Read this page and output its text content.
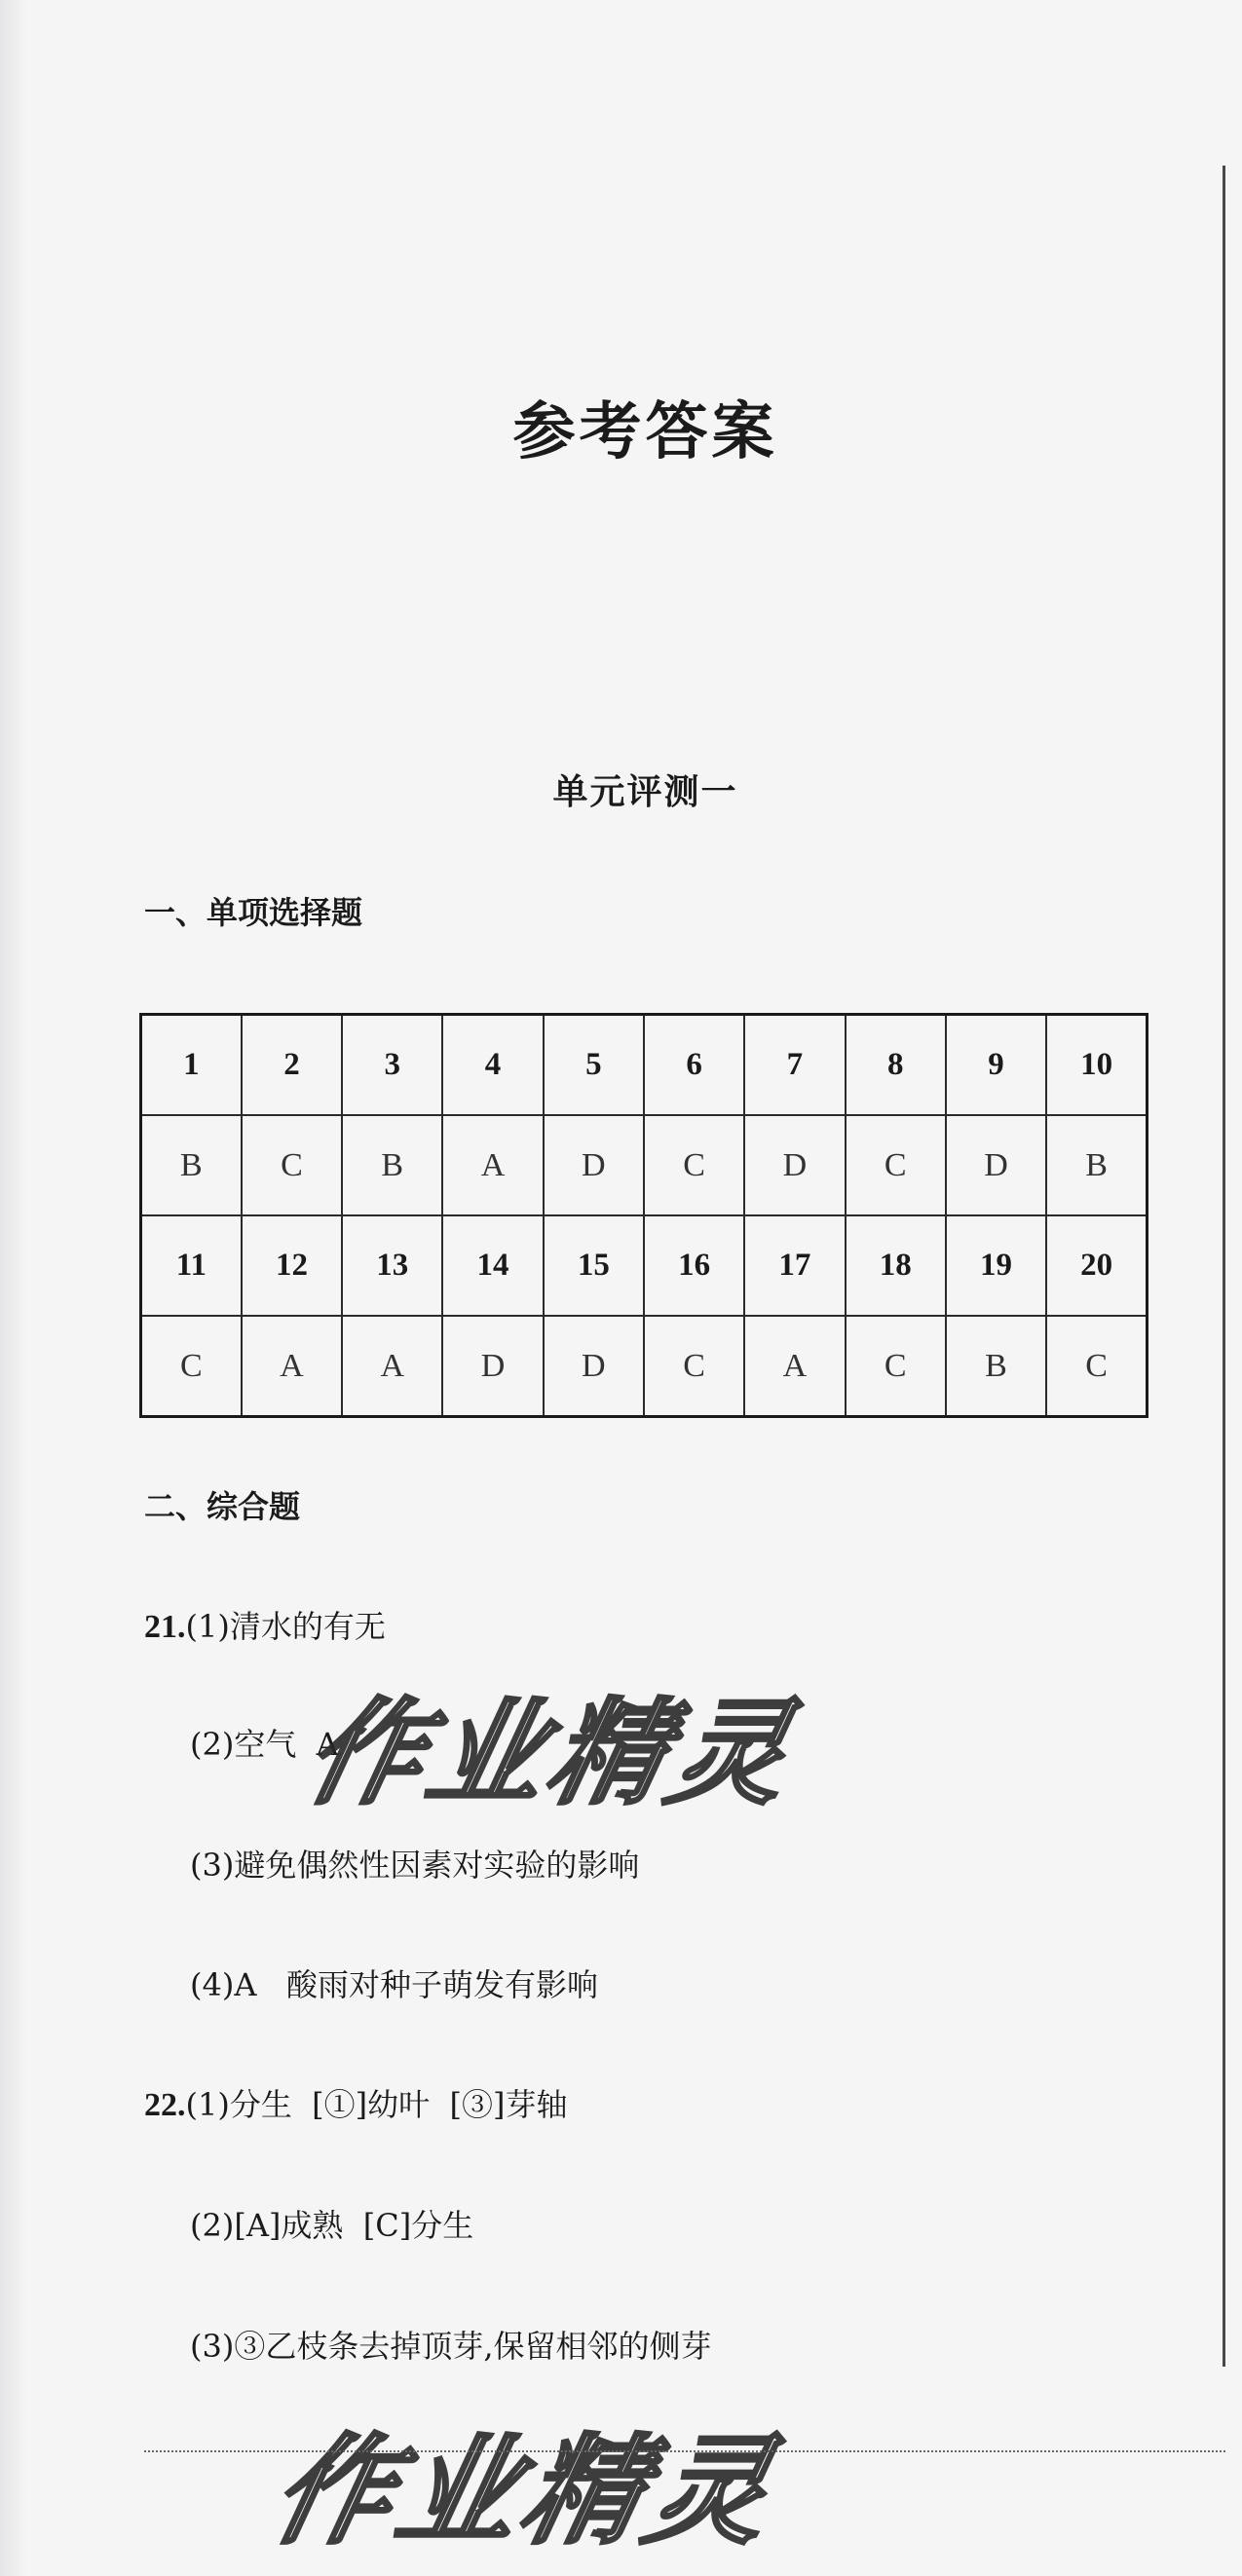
参考答案
单元评测一
一、单项选择题
1	2	3	4	5	6	7	8	9	10
B	C	B	A	D	C	D	C	D	B
11	12	13	14	15	16	17	18	19	20
C	A	A	D	D	C	A	C	B	C
二、综合题
21.(1)清水的有无
(2)空气  A
(3)避免偶然性因素对实验的影响
(4)A   酸雨对种子萌发有影响
22.(1)分生  [①]幼叶  [③]芽轴
(2)[A]成熟  [C]分生
(3)③乙枝条去掉顶芽,保留相邻的侧芽
作业精灵
作业精灵
